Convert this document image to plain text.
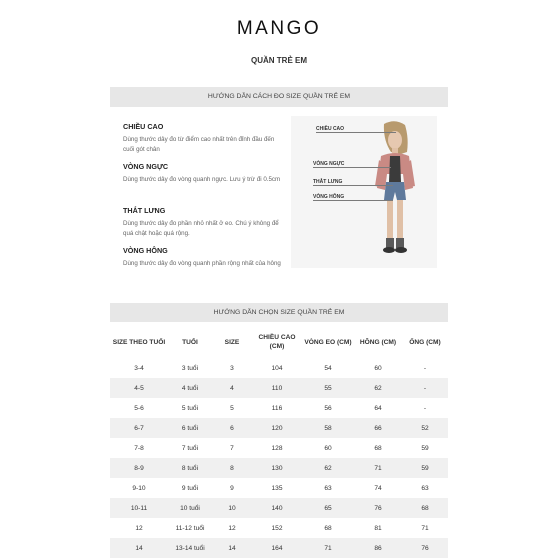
MANGO
QUẦN TRẺ EM
HƯỚNG DẪN CÁCH ĐO SIZE QUẦN TRẺ EM
CHIỀU CAO
Dùng thước dây đo từ điểm cao nhất trên đỉnh đầu đến cuối gót chân
VÒNG NGỰC
Dùng thước dây đo vòng quanh ngực. Lưu ý trừ đi 0.5cm
THẮT LƯNG
Dùng thước dây đo phần nhỏ nhất ở eo. Chú ý không để quá chật hoặc quá rộng.
VÒNG HÔNG
Dùng thước dây đo vòng quanh phần rộng nhất của hông
CHIỀU CAO
VÒNG NGỰC
THẮT LƯNG
VÒNG HÔNG
HƯỚNG DẪN CHỌN SIZE QUẦN TRẺ EM
SIZE THEO TUỔI	TUỔI	SIZE	CHIỀU CAO (CM)	VÒNG EO (CM)	HÔNG (CM)	ỐNG (CM)
3-4	3 tuổi	3	104	54	60	-
4-5	4 tuổi	4	110	55	62	-
5-6	5 tuổi	5	116	56	64	-
6-7	6 tuổi	6	120	58	66	52
7-8	7 tuổi	7	128	60	68	59
8-9	8 tuổi	8	130	62	71	59
9-10	9 tuổi	9	135	63	74	63
10-11	10 tuổi	10	140	65	76	68
12	11-12 tuổi	12	152	68	81	71
14	13-14 tuổi	14	164	71	86	76
